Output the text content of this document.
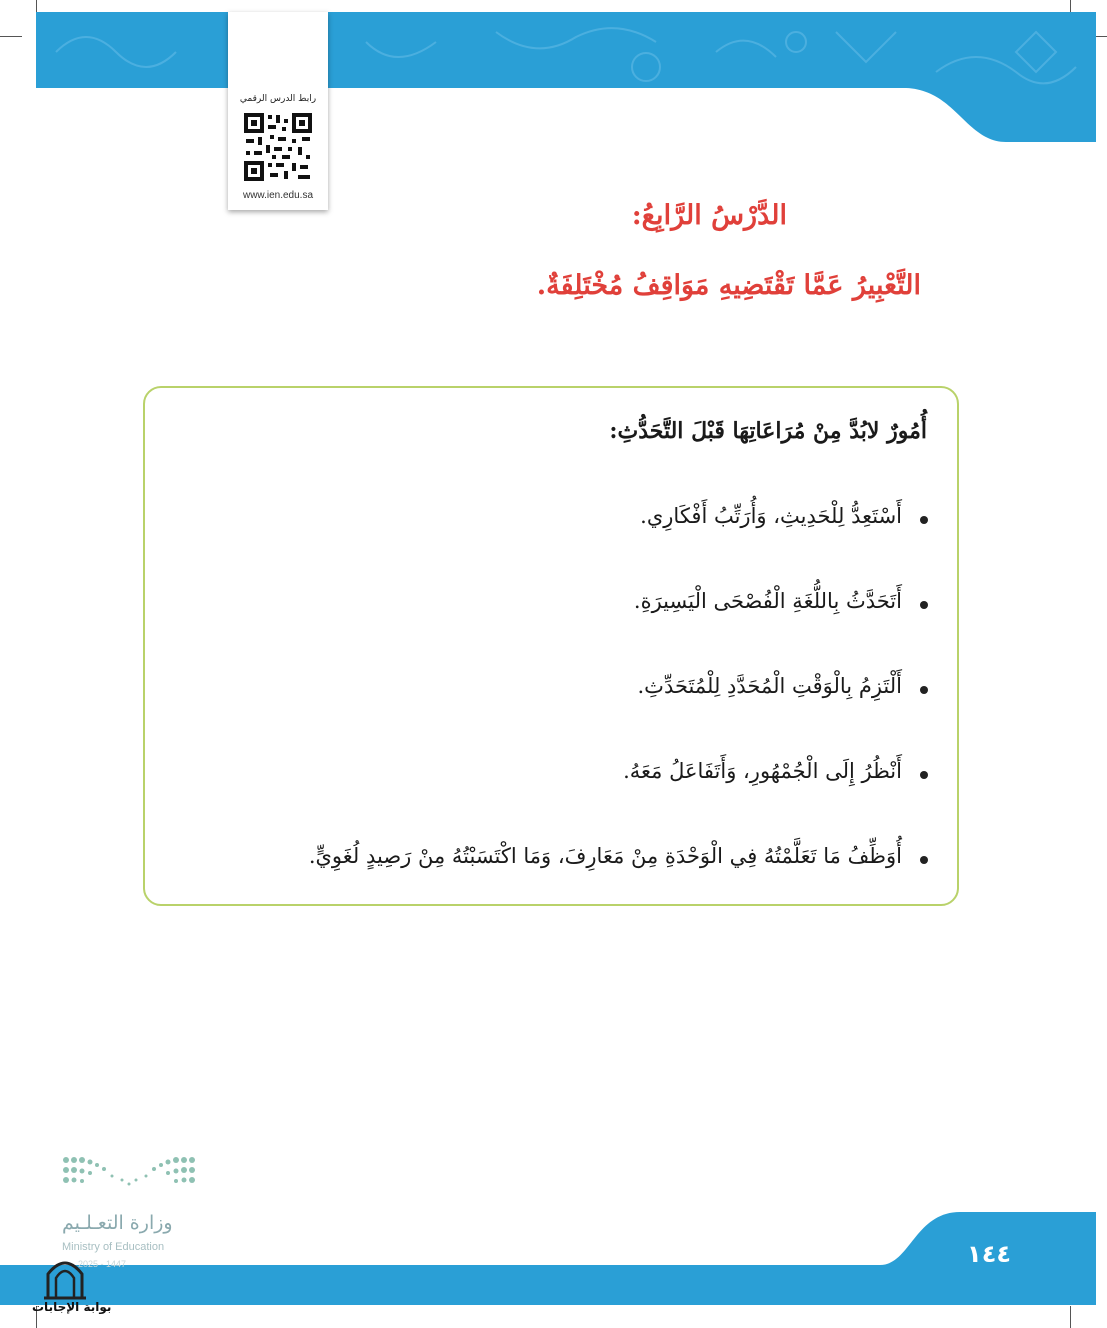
رابط الدرس الرقمي
www.ien.edu.sa
الدَّرْسُ الرَّابِعُ:
التَّعْبِيرُ عَمَّا تَقْتَضِيهِ مَوَاقِفُ مُخْتَلِفَةٌ.
أُمُورٌ لابُدَّ مِنْ مُرَاعَاتِهَا قَبْلَ التَّحَدُّثِ:
أَسْتَعِدُّ لِلْحَدِيثِ، وَأُرَتِّبُ أَفْكَارِي.
أَتَحَدَّثُ بِاللُّغَةِ الْفُصْحَى الْيَسِيرَةِ.
أَلْتَزِمُ بِالْوَقْتِ الْمُحَدَّدِ لِلْمُتَحَدِّثِ.
أَنْظُرُ إِلَى الْجُمْهُورِ، وَأَتَفَاعَلُ مَعَهُ.
أُوَظِّفُ مَا تَعَلَّمْتُهُ فِي الْوَحْدَةِ مِنْ مَعَارِفَ، وَمَا اكْتَسَبْتُهُ مِنْ رَصِيدٍ لُغَوِيٍّ.
١٤٤
وزارة التعـلـيم
Ministry of Education
2025 - 1447
بوابة الإجابات
